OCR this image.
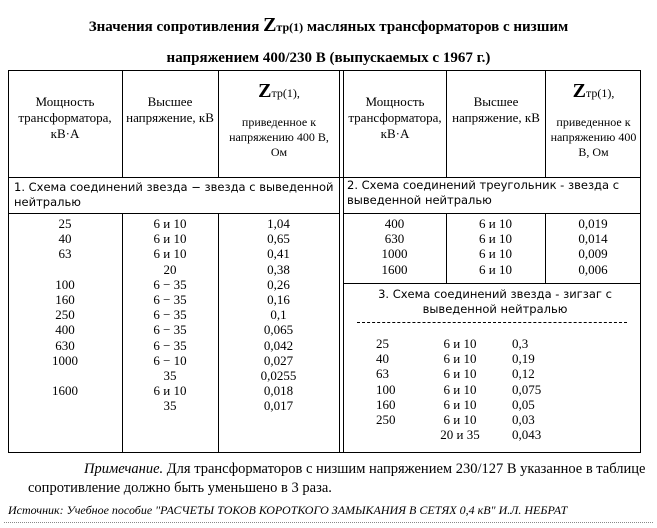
Значения сопротивления Zтр(1) масляных трансформаторов с низшим
напряжением 400/230 В (выпускаемых с 1967 г.)
Мощность трансформатора, кВ·А
Высшее напряжение, кВ
Zтр(1),
приведенное к напряжению 400 В, Ом
Мощность трансформатора, кВ·А
Высшее напряжение, кВ
Zтр(1),
приведенное к напряжению 400 В, Ом
1. Схема соединений звезда − звезда с выведенной нейтралью
2. Схема соединений треугольник - звезда с выведенной нейтралью
3. Схема соединений звезда - зигзаг с выведенной нейтралью
25
40
63
100
160
250
400
630
1000
1600
6 и 10
6 и 10
6 и 10
20
6 − 35
6 − 35
6 − 35
6 − 35
6 − 35
6 − 10
35
6 и 10
35
1,04
0,65
0,41
0,38
0,26
0,16
0,1
0,065
0,042
0,027
0,0255
0,018
0,017
400
630
1000
1600
6 и 10
6 и 10
6 и 10
6 и 10
0,019
0,014
0,009
0,006
25
40
63
100
160
250
6 и 10
6 и 10
6 и 10
6 и 10
6 и 10
6 и 10
20 и 35
0,3
0,19
0,12
0,075
0,05
0,03
0,043
Примечание. Для трансформаторов с низшим напряжением 230/127 В указанное в таблице сопротивление должно быть уменьшено в 3 раза.
Источник: Учебное пособие "РАСЧЕТЫ ТОКОВ КОРОТКОГО ЗАМЫКАНИЯ В СЕТЯХ 0,4 кВ" И.Л. НЕБРАТ
